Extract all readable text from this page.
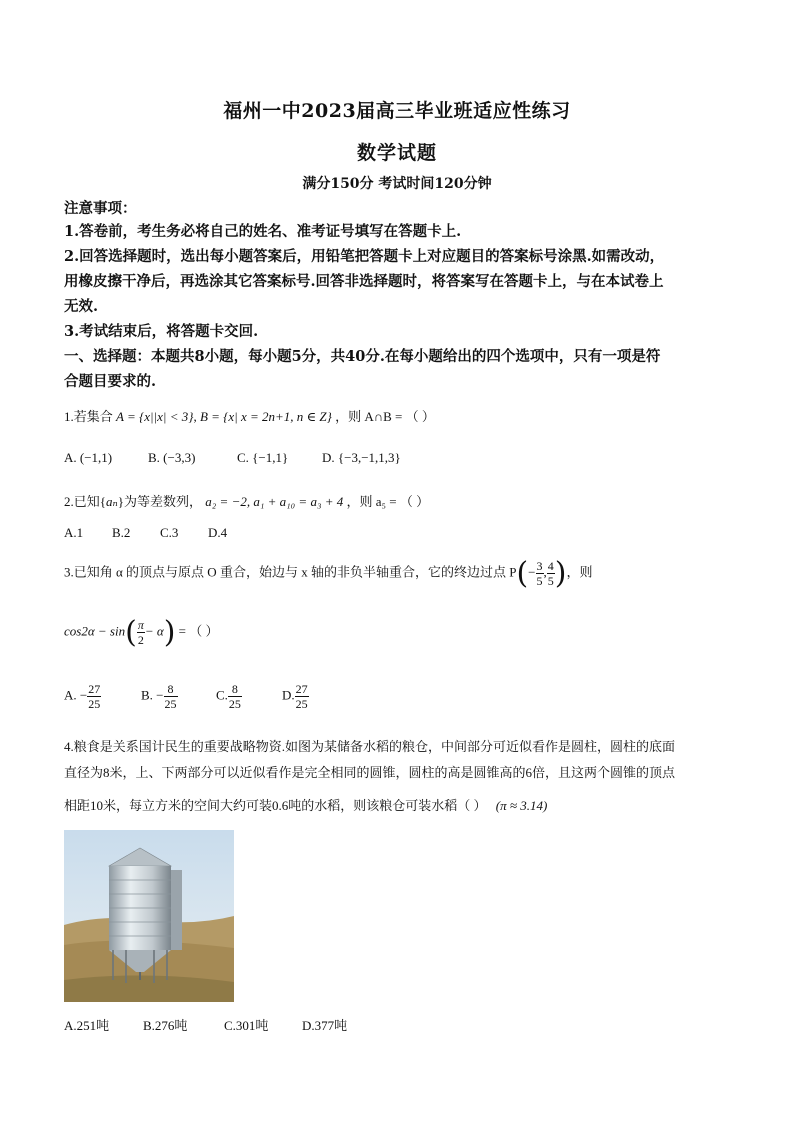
福州一中2023届高三毕业班适应性练习
数学试题
满分150分 考试时间120分钟
注意事项：
1.答卷前，考生务必将自己的姓名、准考证号填写在答题卡上.
2.回答选择题时，选出每小题答案后，用铅笔把答题卡上对应题目的答案标号涂黑.如需改动，
用橡皮擦干净后，再选涂其它答案标号.回答非选择题时，将答案写在答题卡上，与在本试卷上
无效.
3.考试结束后，将答题卡交回.
一、选择题：本题共8小题，每小题5分，共40分.在每小题给出的四个选项中，只有一项是符
合题目要求的.
1.若集合 A = {x||x| < 3}, B = {x| x = 2n+1, n ∈ Z} ，则 A∩B = （ ）
A. (−1,1)	B. (−3,3)	C. {−1,1}	D. {−3,−1,1,3}
2.已知{aₙ}为等差数列， a₂ = −2, a₁ + a₁₀ = a₃ + 4 ，则 a₅ = （ ）
A.1 B.2 C.3 D.4
3.已知角 α 的顶点与原点 O 重合，始边与 x 轴的非负半轴重合，它的终边过点 $P(- \frac{3}{5}$ , $\frac{4}{5}$ )，则
$\cos 2\alpha - \sin( \frac{\pi}{2} - \alpha)$ = （ ）
A. − $\frac{27}{25}$	B. − $\frac{8}{25}$	C. $\frac{8}{25}$	D. $\frac{27}{25}$
4.粮食是关系国计民生的重要战略物资.如图为某储备水稻的粮仓，中间部分可近似看作是圆柱，圆柱的底面
直径为8米，上、下两部分可以近似看作是完全相同的圆锥，圆柱的高是圆锥高的6倍，且这两个圆锥的顶点
相距10米，每立方米的空间大约可装0.6吨的水稻，则该粮仓可装水稻（ ） (π ≈ 3.14)
A.251吨	B.276吨	C.301吨	D.377吨
